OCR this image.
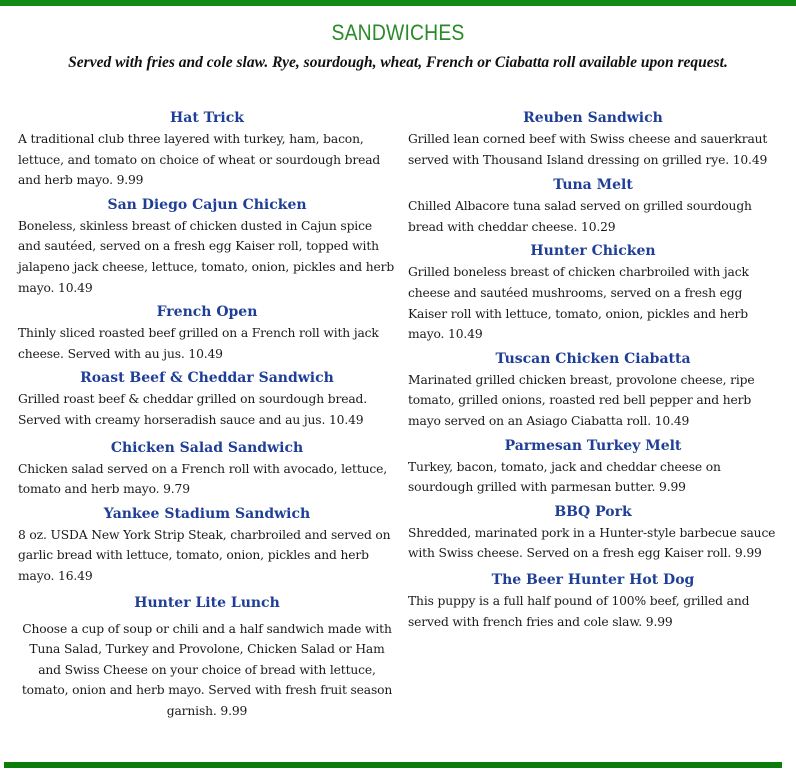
SANDWICHES
Served with fries and cole slaw. Rye, sourdough, wheat, French or Ciabatta roll available upon request.
Hat Trick
A traditional club three layered with turkey, ham, bacon, lettuce, and tomato on choice of wheat or sourdough bread and herb mayo. 9.99
San Diego Cajun Chicken
Boneless, skinless breast of chicken dusted in Cajun spice and sautéed, served on a fresh egg Kaiser roll, topped with jalapeno jack cheese, lettuce, tomato, onion, pickles and herb mayo. 10.49
French Open
Thinly sliced roasted beef grilled on a French roll with jack cheese. Served with au jus. 10.49
Roast Beef & Cheddar Sandwich
Grilled roast beef & cheddar grilled on sourdough bread. Served with creamy horseradish sauce and au jus. 10.49
Chicken Salad Sandwich
Chicken salad served on a French roll with avocado, lettuce, tomato and herb mayo. 9.79
Yankee Stadium Sandwich
8 oz. USDA New York Strip Steak, charbroiled and served on garlic bread with lettuce, tomato, onion, pickles and herb mayo. 16.49
Hunter Lite Lunch
Choose a cup of soup or chili and a half sandwich made with Tuna Salad, Turkey and Provolone, Chicken Salad or Ham and Swiss Cheese on your choice of bread with lettuce, tomato, onion and herb mayo. Served with fresh fruit season garnish. 9.99
Reuben Sandwich
Grilled lean corned beef with Swiss cheese and sauerkraut served with Thousand Island dressing on grilled rye. 10.49
Tuna Melt
Chilled Albacore tuna salad served on grilled sourdough bread with cheddar cheese. 10.29
Hunter Chicken
Grilled boneless breast of chicken charbroiled with jack cheese and sautéed mushrooms, served on a fresh egg Kaiser roll with lettuce, tomato, onion, pickles and herb mayo. 10.49
Tuscan Chicken Ciabatta
Marinated grilled chicken breast, provolone cheese, ripe tomato, grilled onions, roasted red bell pepper and herb mayo served on an Asiago Ciabatta roll. 10.49
Parmesan Turkey Melt
Turkey, bacon, tomato, jack and cheddar cheese on sourdough grilled with parmesan butter. 9.99
BBQ Pork
Shredded, marinated pork in a Hunter-style barbecue sauce with Swiss cheese. Served on a fresh egg Kaiser roll. 9.99
The Beer Hunter Hot Dog
This puppy is a full half pound of 100% beef, grilled and served with french fries and cole slaw. 9.99
